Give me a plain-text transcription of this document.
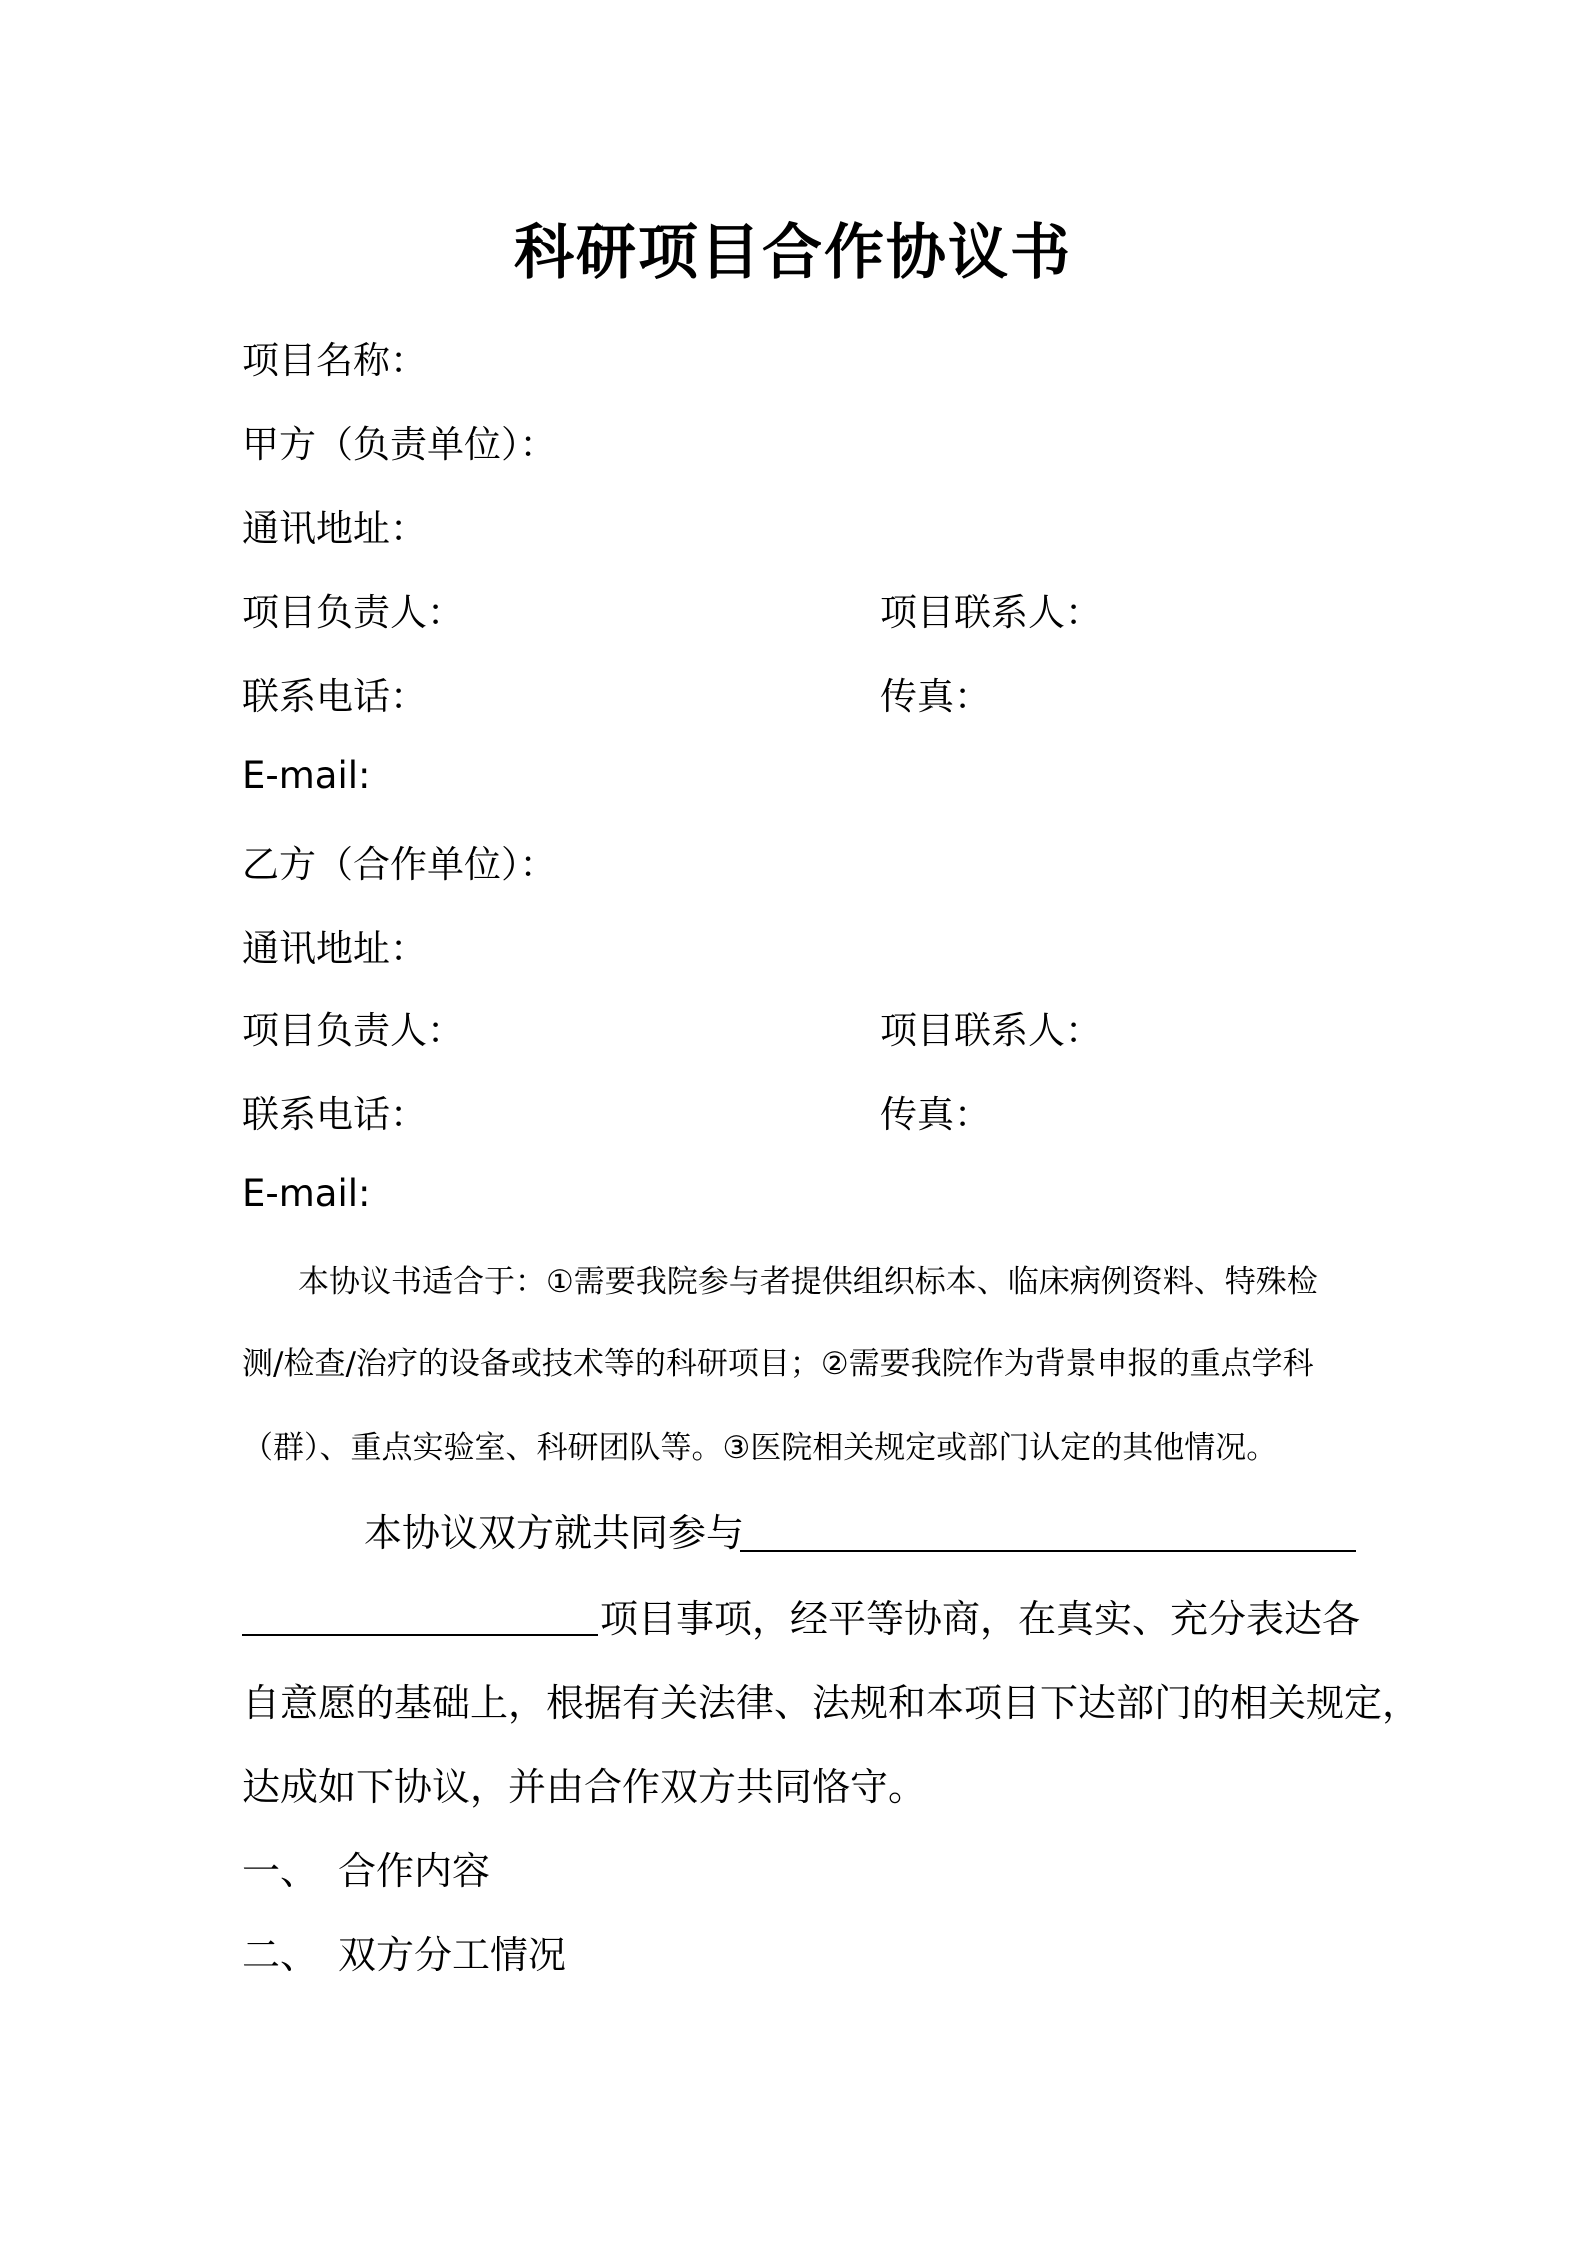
科研项目合作协议书
项目名称：
甲方（负责单位）：
通讯地址：
项目负责人：	项目联系人：
联系电话：	传真：
E-mail:
乙方（合作单位）：
通讯地址：
项目负责人：	项目联系人：
联系电话：	传真：
E-mail:
本协议书适合于：①需要我院参与者提供组织标本、临床病例资料、特殊检
测/检查/治疗的设备或技术等的科研项目；②需要我院作为背景申报的重点学科
（群）、重点实验室、科研团队等。③医院相关规定或部门认定的其他情况。
本协议双方就共同参与
项目事项，经平等协商，在真实、充分表达各
自意愿的基础上，根据有关法律、法规和本项目下达部门的相关规定，
达成如下协议，并由合作双方共同恪守。
一、 合作内容
二、 双方分工情况
